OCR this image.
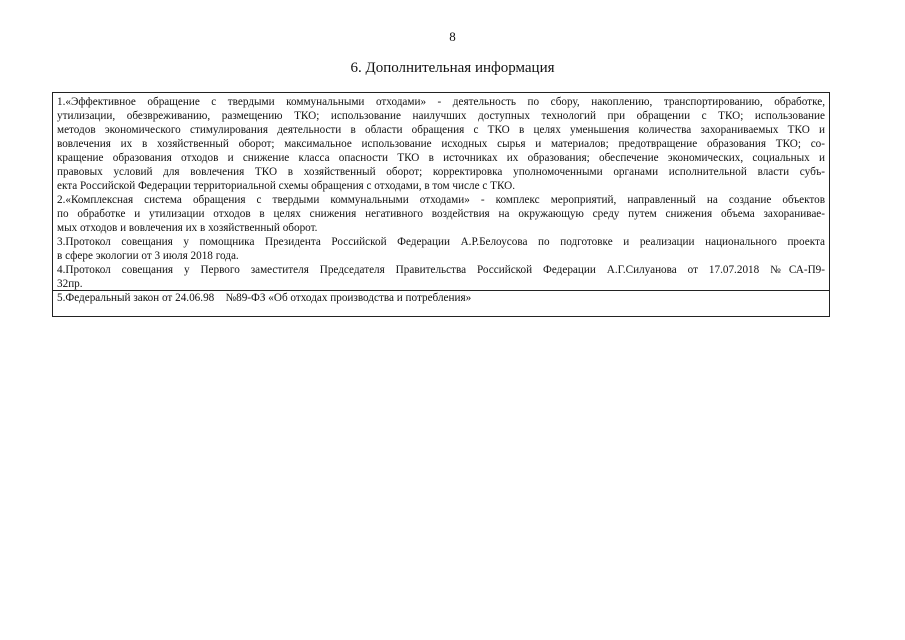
8
6. Дополнительная информация
1.«Эффективное обращение с твердыми коммунальными отходами» - деятельность по сбору, накоплению, транспортированию, обработке,
утилизации, обезвреживанию, размещению ТКО; использование наилучших доступных технологий при обращении с ТКО; использование
методов экономического стимулирования деятельности в области обращения с ТКО в целях уменьшения количества захораниваемых ТКО и
вовлечения их в хозяйственный оборот; максимальное использование исходных сырья и материалов; предотвращение образования ТКО; со-
кращение образования отходов и снижение класса опасности ТКО в источниках их образования; обеспечение экономических, социальных и
правовых условий для вовлечения ТКО в хозяйственный оборот; корректировка уполномоченными органами исполнительной власти субъ-
екта Российской Федерации территориальной схемы обращения с отходами, в том числе с ТКО.
2.«Комплексная система обращения с твердыми коммунальными отходами» - комплекс мероприятий, направленный на создание объектов
по обработке и утилизации отходов в целях снижения негативного воздействия на окружающую среду путем снижения объема захоранивае-
мых отходов и вовлечения их в хозяйственный оборот.
3.Протокол совещания у помощника Президента Российской Федерации А.Р.Белоусова по подготовке и реализации национального проекта
в сфере экологии от 3 июля 2018 года.
4.Протокол совещания у Первого заместителя Председателя Правительства Российской Федерации А.Г.Силуанова от 17.07.2018 №СА-П9-
32пр.
5.Федеральный закон от 24.06.98    №89-ФЗ «Об отходах производства и потребления»
